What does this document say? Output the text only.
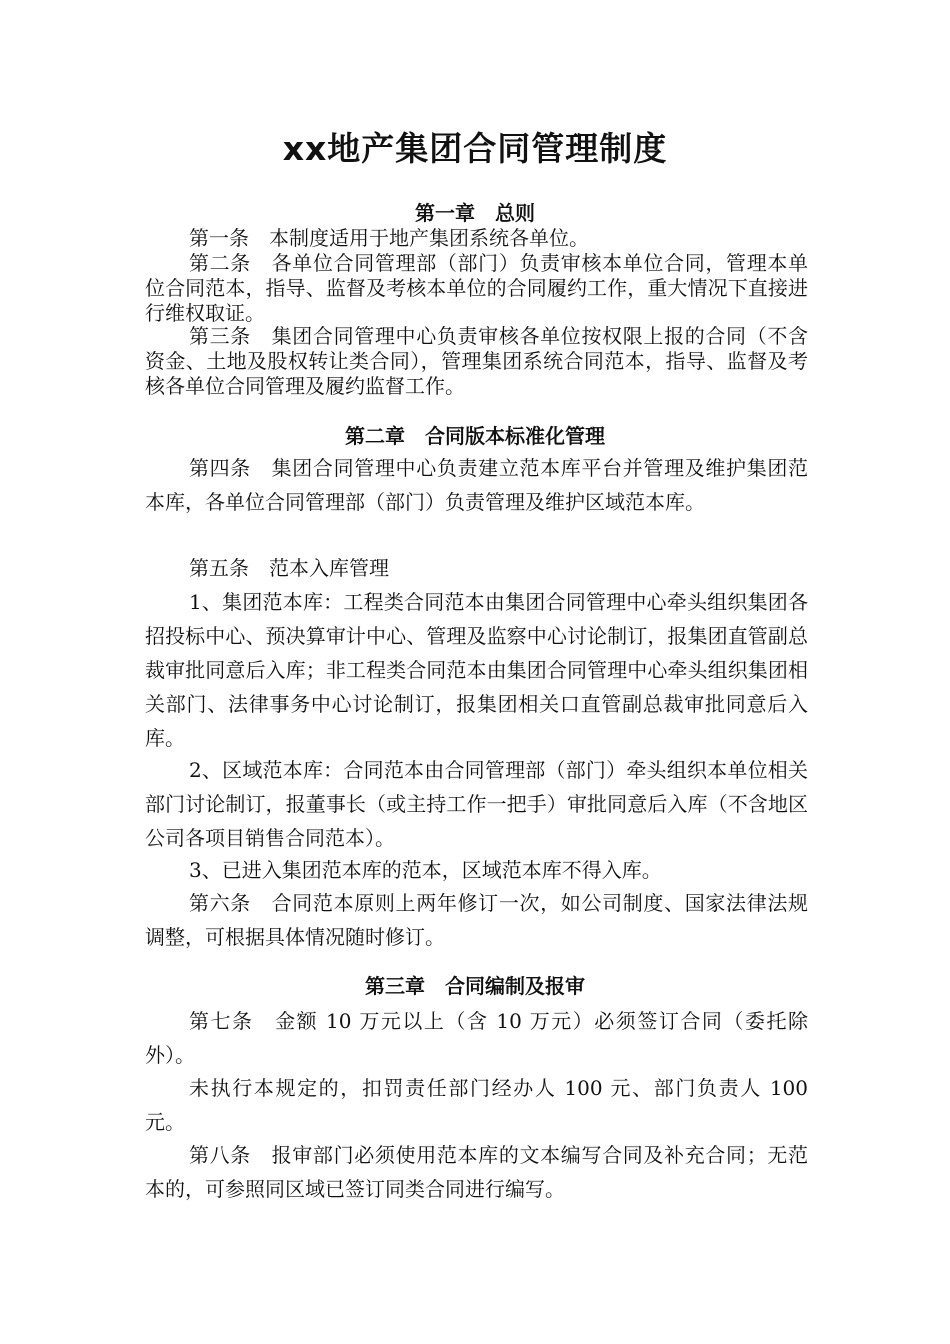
xx地产集团合同管理制度
第一章　总则

第一条　本制度适用于地产集团系统各单位。

第二条　各单位合同管理部（部门）负责审核本单位合同，管理本单位合同范本，指导、监督及考核本单位的合同履约工作，重大情况下直接进行维权取证。

第三条　集团合同管理中心负责审核各单位按权限上报的合同（不含资金、土地及股权转让类合同），管理集团系统合同范本，指导、监督及考核各单位合同管理及履约监督工作。

第二章　合同版本标准化管理

第四条　集团合同管理中心负责建立范本库平台并管理及维护集团范本库，各单位合同管理部（部门）负责管理及维护区域范本库。

第五条　范本入库管理

1、集团范本库：工程类合同范本由集团合同管理中心牵头组织集团各招投标中心、预决算审计中心、管理及监察中心讨论制订，报集团直管副总裁审批同意后入库；非工程类合同范本由集团合同管理中心牵头组织集团相关部门、法律事务中心讨论制订，报集团相关口直管副总裁审批同意后入库。

2、区域范本库：合同范本由合同管理部（部门）牵头组织本单位相关部门讨论制订，报董事长（或主持工作一把手）审批同意后入库（不含地区公司各项目销售合同范本）。

3、已进入集团范本库的范本，区域范本库不得入库。

第六条　合同范本原则上两年修订一次，如公司制度、国家法律法规调整，可根据具体情况随时修订。

第三章　合同编制及报审

第七条　金额 10 万元以上（含 10 万元）必须签订合同（委托除外）。

未执行本规定的，扣罚责任部门经办人 100 元、部门负责人 100 元。

第八条　报审部门必须使用范本库的文本编写合同及补充合同；无范本的，可参照同区域已签订同类合同进行编写。
